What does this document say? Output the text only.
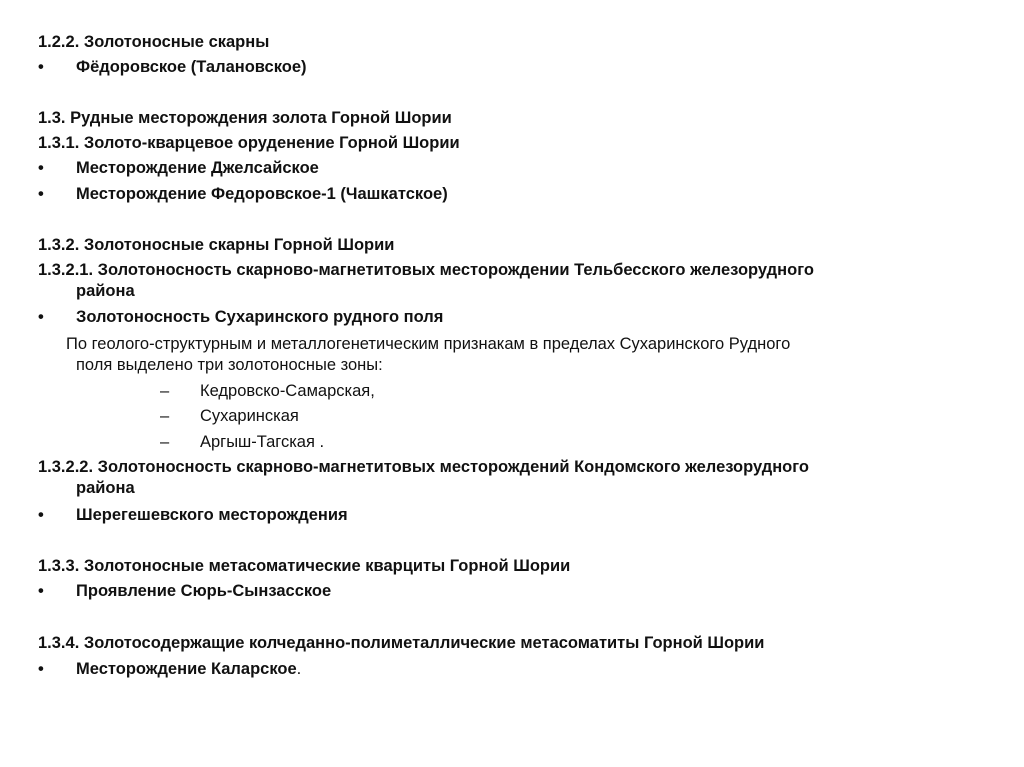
1.2.2. Золотоносные скарны
• Фёдоровское (Талановское)
1.3. Рудные месторождения золота Горной Шории
1.3.1. Золото-кварцевое оруденение Горной Шории
• Месторождение Джелсайское
• Месторождение Федоровское-1 (Чашкатское)
1.3.2. Золотоносные скарны Горной Шории
1.3.2.1. Золотоносность скарново-магнетитовых месторождении Тельбесского железорудного
района
• Золотоносность Сухаринского рудного поля
По геолого-структурным и металлогенетическим признакам в пределах Сухаринского Рудного
поля выделено три золотоносные зоны:
– Кедровско-Самарская,
– Сухаринская
– Аргыш-Тагская .
1.3.2.2. Золотоносность скарново-магнетитовых месторождений Кондомского железорудного
района
• Шерегешевского месторождения
1.3.3. Золотоносные метасоматические кварциты Горной Шории
• Проявление Сюрь-Сынзасское
1.3.4. Золотосодержащие колчеданно-полиметаллические метасоматиты Горной Шории
• Месторождение Каларское.
